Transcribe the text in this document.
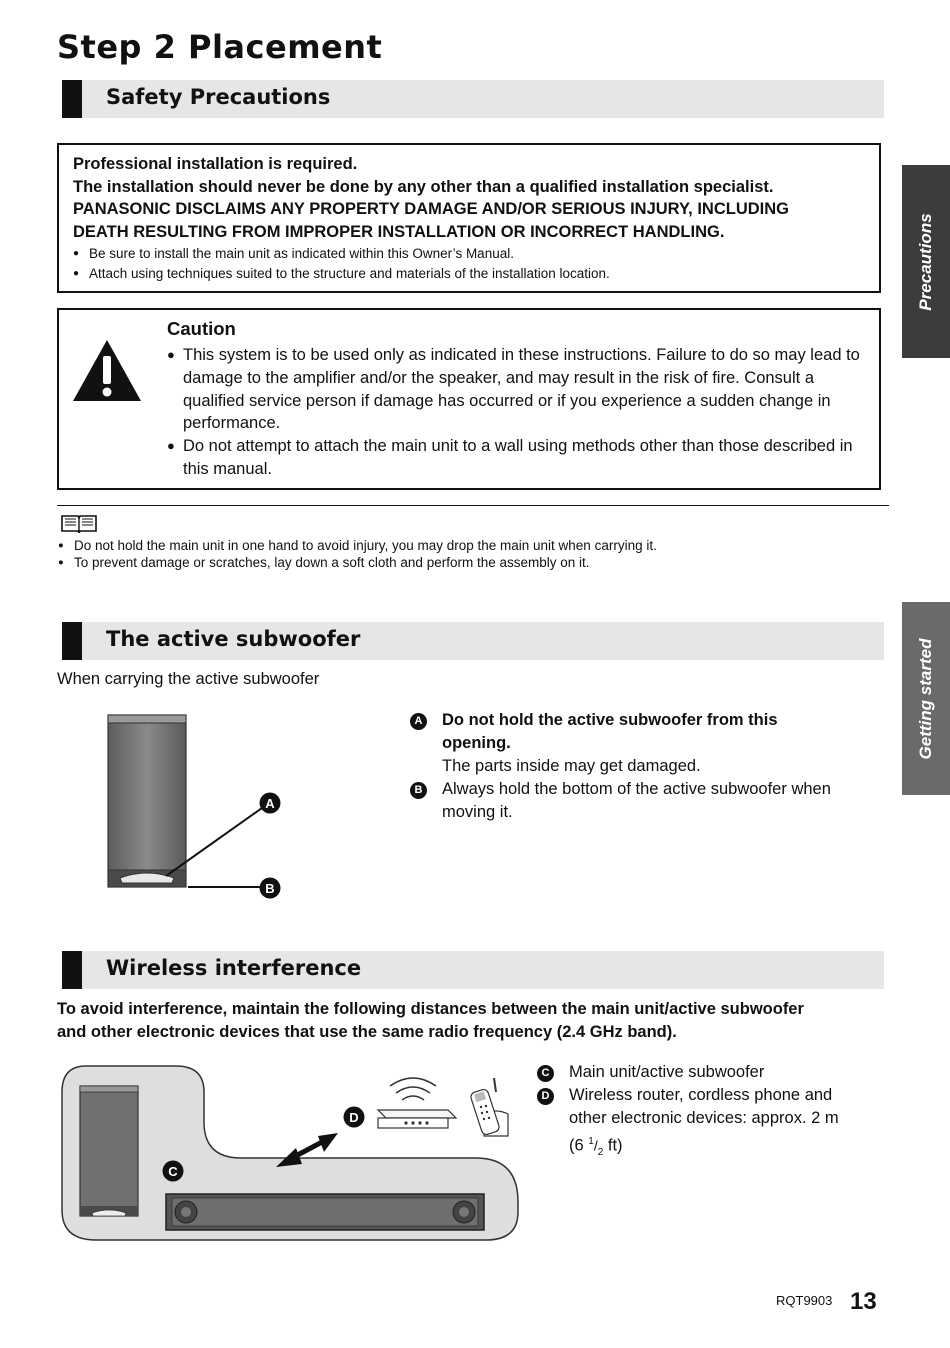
Step 2 Placement
Safety Precautions
Professional installation is required.
The installation should never be done by any other than a qualified installation specialist.
PANASONIC DISCLAIMS ANY PROPERTY DAMAGE AND/OR SERIOUS INJURY, INCLUDING
DEATH RESULTING FROM IMPROPER INSTALLATION OR INCORRECT HANDLING.
● Be sure to install the main unit as indicated within this Owner’s Manual.
● Attach using techniques suited to the structure and materials of the installation location.
Caution
● This system is to be used only as indicated in these instructions. Failure to do so may lead to damage to the amplifier and/or the speaker, and may result in the risk of fire. Consult a qualified service person if damage has occurred or if you experience a sudden change in performance.
● Do not attempt to attach the main unit to a wall using methods other than those described in this manual.
● Do not hold the main unit in one hand to avoid injury, you may drop the main unit when carrying it.
● To prevent damage or scratches, lay down a soft cloth and perform the assembly on it.
The active subwoofer
When carrying the active subwoofer
A
B
A Do not hold the active subwoofer from this
opening.
The parts inside may get damaged.
B Always hold the bottom of the active subwoofer when
moving it.
Wireless interference
To avoid interference, maintain the following distances between the main unit/active subwoofer
and other electronic devices that use the same radio frequency (2.4 GHz band).
D
C
C Main unit/active subwoofer
D Wireless router, cordless phone and
other electronic devices: approx. 2 m
(6 $^1/_2$ ft)
Precautions
Getting started
RQT9903 13
